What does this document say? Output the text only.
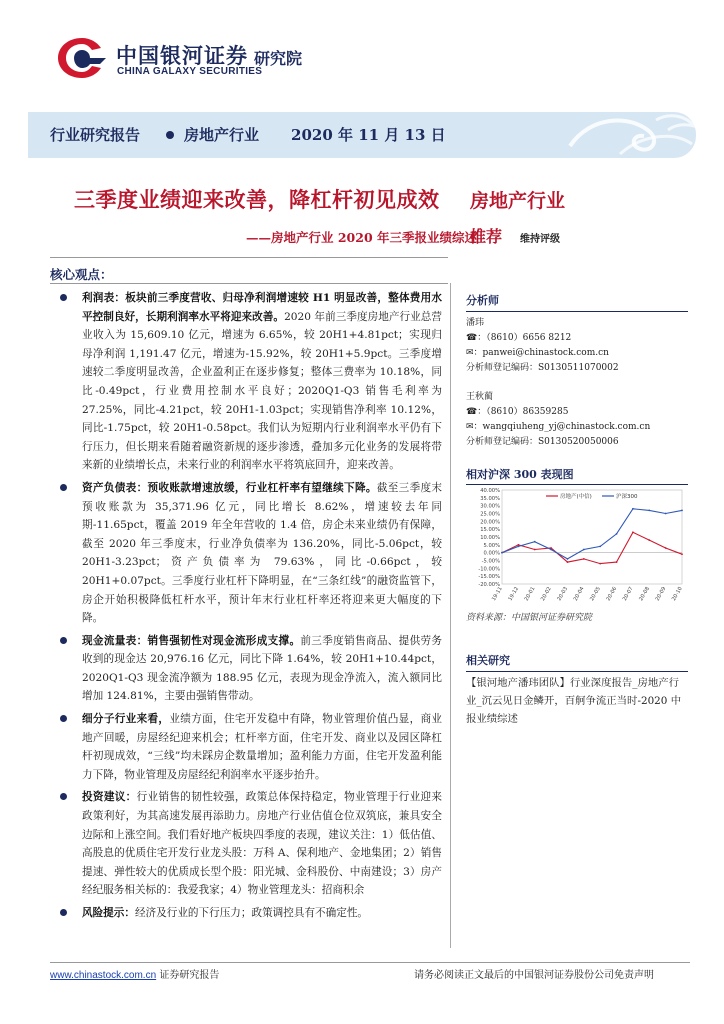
中国银河证券
CHINA GALAXY SECURITIES
研究院
行业研究报告	房地产行业 2020 年 11 月 13 日
三季度业绩迎来改善，降杠杆初见成效
——房地产行业 2020 年三季报业绩综述
房地产行业
推荐 维持评级
核心观点：
利润表：板块前三季度营收、归母净利润增速较 H1 明显改善，整体费用水平控制良好，长期利润率水平将迎来改善。2020 年前三季度房地产行业总营业收入为 15,609.10 亿元，增速为 6.65%，较 20H1+4.81pct；实现归母净利润 1,191.47 亿元，增速为-15.92%，较 20H1+5.9pct。三季度增速较二季度明显改善，企业盈利正在逐步修复；整体三费率为 10.18%，同比-0.49pct，行业费用控制水平良好；2020Q1-Q3 销售毛利率为 27.25%，同比-4.21pct，较 20H1-1.03pct；实现销售净利率 10.12%，同比-1.75pct，较 20H1-0.58pct。我们认为短期内行业利润率水平仍有下行压力，但长期来看随着融资新规的逐步渗透，叠加多元化业务的发展将带来新的业绩增长点，未来行业的利润率水平将筑底回升，迎来改善。
资产负债表：预收账款增速放缓，行业杠杆率有望继续下降。截至三季度末预收账款为 35,371.96 亿元，同比增长 8.62%，增速较去年同期-11.65pct，覆盖 2019 年全年营收的 1.4 倍，房企未来业绩仍有保障，截至 2020 年三季度末，行业净负债率为 136.20%，同比-5.06pct，较 20H1-3.23pct；资产负债率为 79.63%，同比-0.66pct，较 20H1+0.07pct。三季度行业杠杆下降明显，在“三条红线”的融资监管下，房企开始积极降低杠杆水平，预计年末行业杠杆率还将迎来更大幅度的下降。
现金流量表：销售强韧性对现金流形成支撑。前三季度销售商品、提供劳务收到的现金达 20,976.16 亿元，同比下降 1.64%，较 20H1+10.44pct，2020Q1-Q3 现金流净额为 188.95 亿元，表现为现金净流入，流入额同比增加 124.81%，主要由强销售带动。
细分子行业来看，业绩方面，住宅开发稳中有降，物业管理价值凸显，商业地产回暖，房屋经纪迎来机会；杠杆率方面，住宅开发、商业以及园区降杠杆初现成效，“三线”均未踩房企数量增加；盈利能力方面，住宅开发盈利能力下降，物业管理及房屋经纪利润率水平逐步抬升。
投资建议：行业销售的韧性较强，政策总体保持稳定，物业管理于行业迎来政策利好，为其高速发展再添助力。房地产行业估值仓位双筑底，兼具安全边际和上涨空间。我们看好地产板块四季度的表现，建议关注：1）低估值、高股息的优质住宅开发行业龙头股：万科 A、保利地产、金地集团；2）销售提速、弹性较大的优质成长型个股：阳光城、金科股份、中南建设；3）房产经纪服务相关标的：我爱我家；4）物业管理龙头：招商积余
风险提示：经济及行业的下行压力；政策调控具有不确定性。
分析师
潘玮
☎：（8610）6656 8212
✉：panwei@chinastock.com.cn
分析师登记编码：S0130511070002
王秋蔺
☎：（8610）86359285
✉：wangqiuheng_yj@chinastock.com.cn
分析师登记编码：S0130520050006
相对沪深 300 表现图
40.00%
35.00%
30.00%
25.00%
20.00%
15.00%
10.00%
5.00%
0.00%
-5.00%
-10.00%
-15.00%
-20.00%
19-11 19-12 20-01 20-02 20-03 20-04 20-05 20-06 20-07 20-08 20-09 20-10
房地产(中信)	沪深300
资料来源：中国银河证券研究院
相关研究
【银河地产潘玮团队】行业深度报告_房地产行业_沉云见日金鳞开，百舸争流正当时-2020 中报业绩综述
www.chinastock.com.cn 证券研究报告	请务必阅读正文最后的中国银河证券股份公司免责声明
